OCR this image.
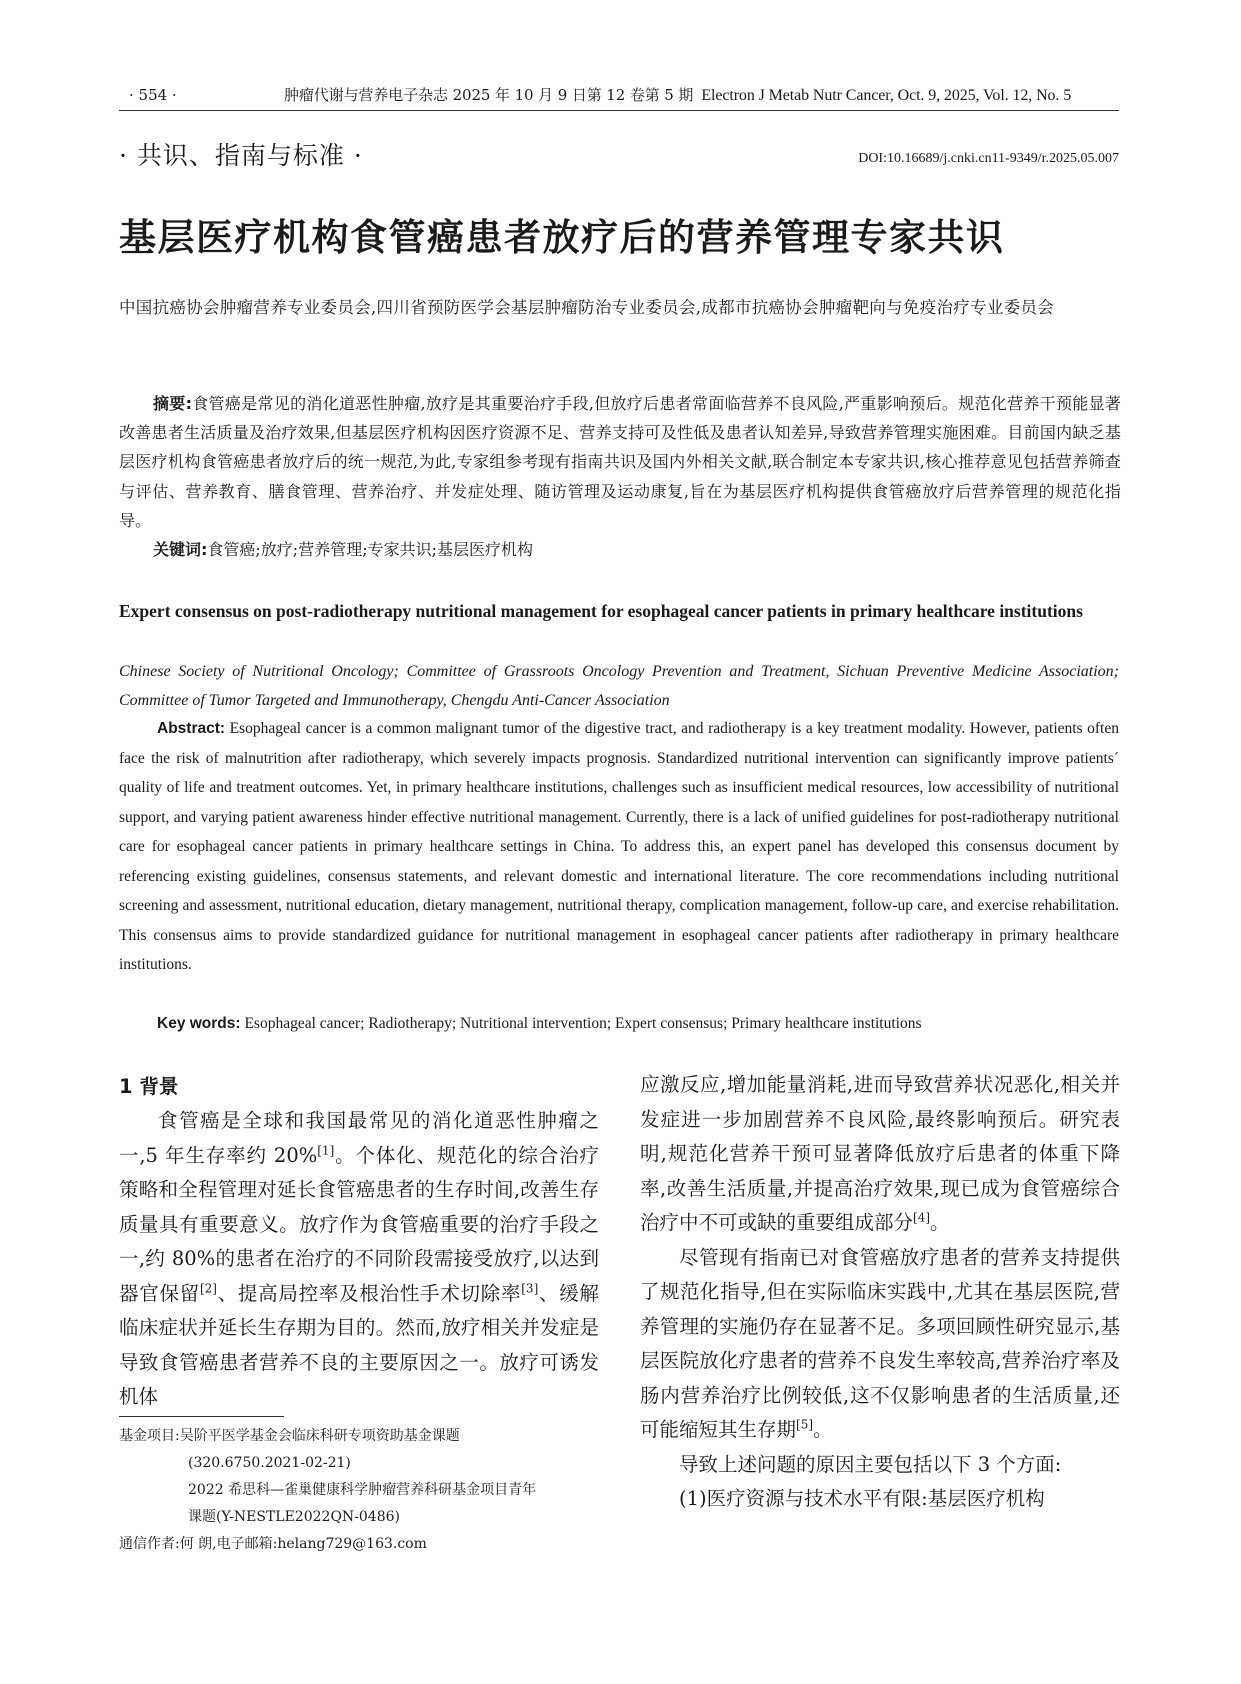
· 554 ·	肿瘤代谢与营养电子杂志 2025 年 10 月 9 日第 12 卷第 5 期 Electron J Metab Nutr Cancer, Oct. 9, 2025, Vol. 12, No. 5
· 共识、指南与标准 ·	DOI:10.16689/j.cnki.cn11-9349/r.2025.05.007
基层医疗机构食管癌患者放疗后的营养管理专家共识
中国抗癌协会肿瘤营养专业委员会,四川省预防医学会基层肿瘤防治专业委员会,成都市抗癌协会肿瘤靶向与免疫治疗专业委员会

摘要:食管癌是常见的消化道恶性肿瘤,放疗是其重要治疗手段,但放疗后患者常面临营养不良风险,严重影响预后。规范化营养干预能显著改善患者生活质量及治疗效果,但基层医疗机构因医疗资源不足、营养支持可及性低及患者认知差异,导致营养管理实施困难。目前国内缺乏基层医疗机构食管癌患者放疗后的统一规范,为此,专家组参考现有指南共识及国内外相关文献,联合制定本专家共识,核心推荐意见包括营养筛查与评估、营养教育、膳食管理、营养治疗、并发症处理、随访管理及运动康复,旨在为基层医疗机构提供食管癌放疗后营养管理的规范化指导。

关键词:食管癌;放疗;营养管理;专家共识;基层医疗机构
Expert consensus on post-radiotherapy nutritional management for esophageal cancer patients in primary healthcare institutions
Chinese Society of Nutritional Oncology; Committee of Grassroots Oncology Prevention and Treatment, Sichuan Preventive Medicine Association; Committee of Tumor Targeted and Immunotherapy, Chengdu Anti-Cancer Association

Abstract: Esophageal cancer is a common malignant tumor of the digestive tract, and radiotherapy is a key treatment modality. However, patients often face the risk of malnutrition after radiotherapy, which severely impacts prognosis. Standardized nutritional intervention can significantly improve patients´ quality of life and treatment outcomes. Yet, in primary healthcare institutions, challenges such as insufficient medical resources, low accessibility of nutritional support, and varying patient awareness hinder effective nutritional management. Currently, there is a lack of unified guidelines for post-radiotherapy nutritional care for esophageal cancer patients in primary healthcare settings in China. To address this, an expert panel has developed this consensus document by referencing existing guidelines, consensus statements, and relevant domestic and international literature. The core recommendations including nutritional screening and assessment, nutritional education, dietary management, nutritional therapy, complication management, follow-up care, and exercise rehabilitation. This consensus aims to provide standardized guidance for nutritional management in esophageal cancer patients after radiotherapy in primary healthcare institutions.

Key words: Esophageal cancer; Radiotherapy; Nutritional intervention; Expert consensus; Primary healthcare institutions
1 背景

食管癌是全球和我国最常见的消化道恶性肿瘤之一,5 年生存率约 20%[1]。个体化、规范化的综合治疗策略和全程管理对延长食管癌患者的生存时间,改善生存质量具有重要意义。放疗作为食管癌重要的治疗手段之一,约 80%的患者在治疗的不同阶段需接受放疗,以达到器官保留[2]、提高局控率及根治性手术切除率[3]、缓解临床症状并延长生存期为目的。然而,放疗相关并发症是导致食管癌患者营养不良的主要原因之一。放疗可诱发机体

应激反应,增加能量消耗,进而导致营养状况恶化,相关并发症进一步加剧营养不良风险,最终影响预后。研究表明,规范化营养干预可显著降低放疗后患者的体重下降率,改善生活质量,并提高治疗效果,现已成为食管癌综合治疗中不可或缺的重要组成部分[4]。

尽管现有指南已对食管癌放疗患者的营养支持提供了规范化指导,但在实际临床实践中,尤其在基层医院,营养管理的实施仍存在显著不足。多项回顾性研究显示,基层医院放化疗患者的营养不良发生率较高,营养治疗率及肠内营养治疗比例较低,这不仅影响患者的生活质量,还可能缩短其生存期[5]。

导致上述问题的原因主要包括以下 3 个方面:

(1)医疗资源与技术水平有限:基层医疗机构

基金项目:吴阶平医学基金会临床科研专项资助基金课题
(320.6750.2021-02-21)
2022 希思科—雀巢健康科学肿瘤营养科研基金项目青年
课题(Y-NESTLE2022QN-0486)
通信作者:何 朗,电子邮箱:helang729@163.com
